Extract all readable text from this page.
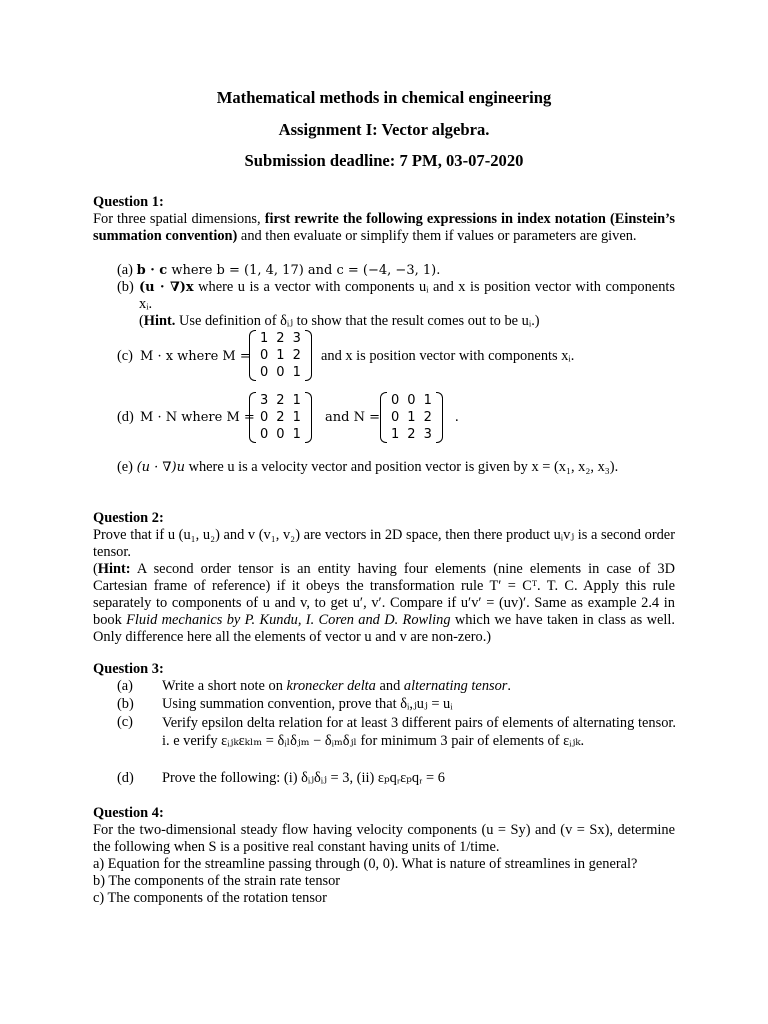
Mathematical methods in chemical engineering
Assignment I: Vector algebra.
Submission deadline: 7 PM, 03-07-2020
Question 1:
For three spatial dimensions, first rewrite the following expressions in index notation (Einstein’s summation convention) and then evaluate or simplify them if values or parameters are given.
(a) b · c where b = (1, 4, 17) and c = (−4, −3, 1).
(b) (u · ∇)x where u is a vector with components uᵢ and x is position vector with components xᵢ.
(Hint. Use definition of δᵢⱼ to show that the result comes out to be uᵢ.)
(c) M · x where M =
1	2	3
0	1	2
0	0	1
and x is position vector with components xᵢ.
(d) M · N where M =
3	2	1
0	2	1
0	0	1
and N =
0	0	1
0	1	2
1	2	3
.
(e) (u · ∇)u where u is a velocity vector and position vector is given by x = (x₁, x₂, x₃).
Question 2:
Prove that if u (u₁, u₂) and v (v₁, v₂) are vectors in 2D space, then there product uᵢvⱼ is a second order tensor.
(Hint: A second order tensor is an entity having four elements (nine elements in case of 3D Cartesian frame of reference) if it obeys the transformation rule T′ = Cᵀ. T. C. Apply this rule separately to components of u and v, to get u′, v′. Compare if u′v′ = (uv)′. Same as example 2.4 in book Fluid mechanics by P. Kundu, I. Coren and D. Rowling which we have taken in class as well. Only difference here all the elements of vector u and v are non-zero.)
Question 3:
(a) Write a short note on kronecker delta and alternating tensor.
(b) Using summation convention, prove that δᵢ,ⱼuⱼ = uᵢ
(c) Verify epsilon delta relation for at least 3 different pairs of elements of alternating tensor. i. e verify εᵢⱼₖεₖₗₘ = δᵢₗδⱼₘ − δᵢₘδⱼₗ for minimum 3 pair of elements of εᵢⱼₖ.
(d) Prove the following: (i) δᵢⱼδᵢⱼ = 3, (ii) εₚqᵣεₚqᵣ = 6
Question 4:
For the two-dimensional steady flow having velocity components (u = Sy) and (v = Sx), determine the following when S is a positive real constant having units of 1/time.
a) Equation for the streamline passing through (0, 0). What is nature of streamlines in general?
b) The components of the strain rate tensor
c) The components of the rotation tensor
